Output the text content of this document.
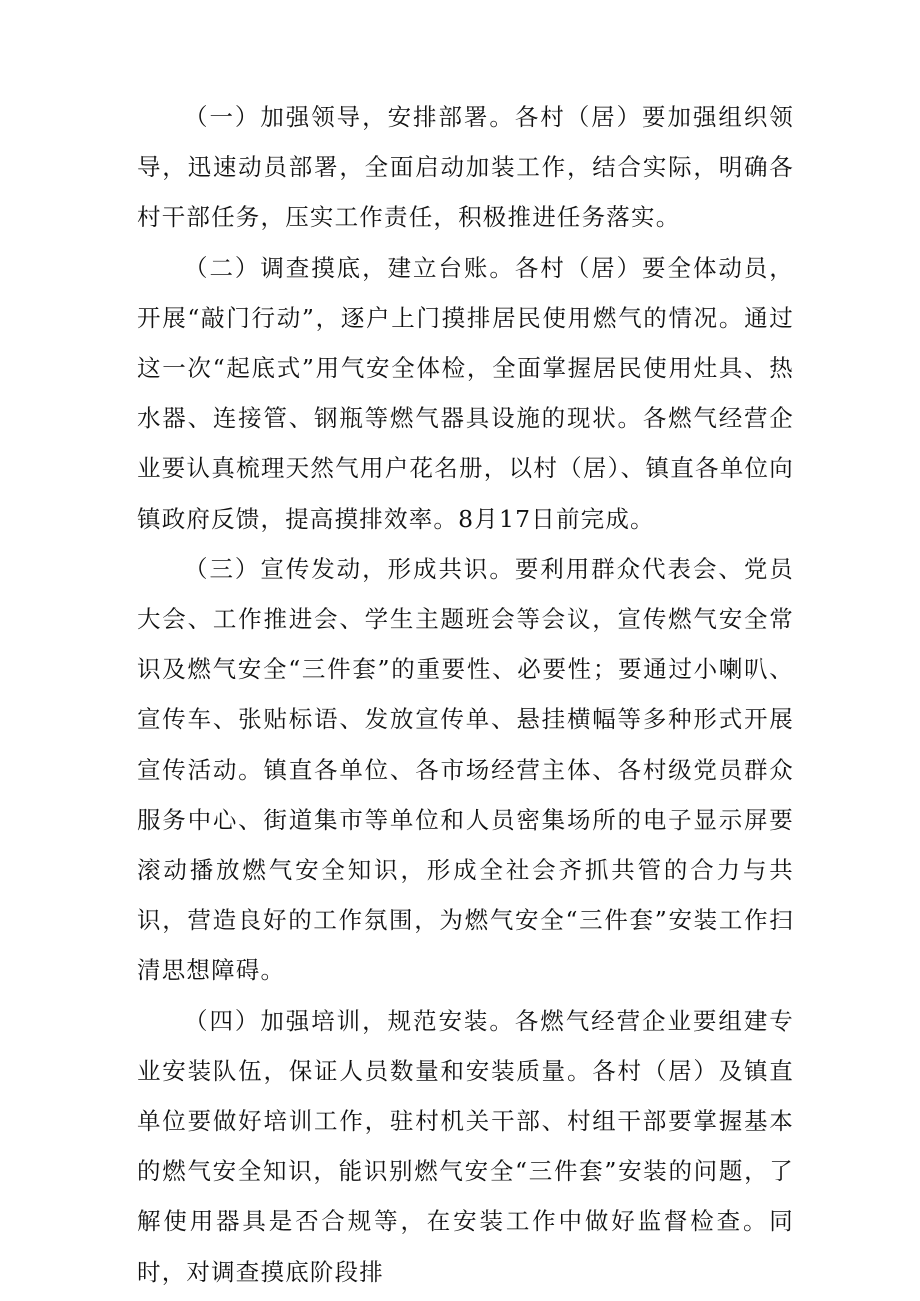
（一）加强领导，安排部署。各村（居）要加强组织领导，迅速动员部署，全面启动加装工作，结合实际，明确各村干部任务，压实工作责任，积极推进任务落实。

（二）调查摸底，建立台账。各村（居）要全体动员，开展“敲门行动”，逐户上门摸排居民使用燃气的情况。通过这一次“起底式”用气安全体检，全面掌握居民使用灶具、热水器、连接管、钢瓶等燃气器具设施的现状。各燃气经营企业要认真梳理天然气用户花名册，以村（居）、镇直各单位向镇政府反馈，提高摸排效率。8月17日前完成。

（三）宣传发动，形成共识。要利用群众代表会、党员大会、工作推进会、学生主题班会等会议，宣传燃气安全常识及燃气安全“三件套”的重要性、必要性；要通过小喇叭、宣传车、张贴标语、发放宣传单、悬挂横幅等多种形式开展宣传活动。镇直各单位、各市场经营主体、各村级党员群众服务中心、街道集市等单位和人员密集场所的电子显示屏要滚动播放燃气安全知识，形成全社会齐抓共管的合力与共识，营造良好的工作氛围，为燃气安全“三件套”安装工作扫清思想障碍。

（四）加强培训，规范安装。各燃气经营企业要组建专业安装队伍，保证人员数量和安装质量。各村（居）及镇直单位要做好培训工作，驻村机关干部、村组干部要掌握基本的燃气安全知识，能识别燃气安全“三件套”安装的问题，了解使用器具是否合规等，在安装工作中做好监督检查。同时，对调查摸底阶段排
